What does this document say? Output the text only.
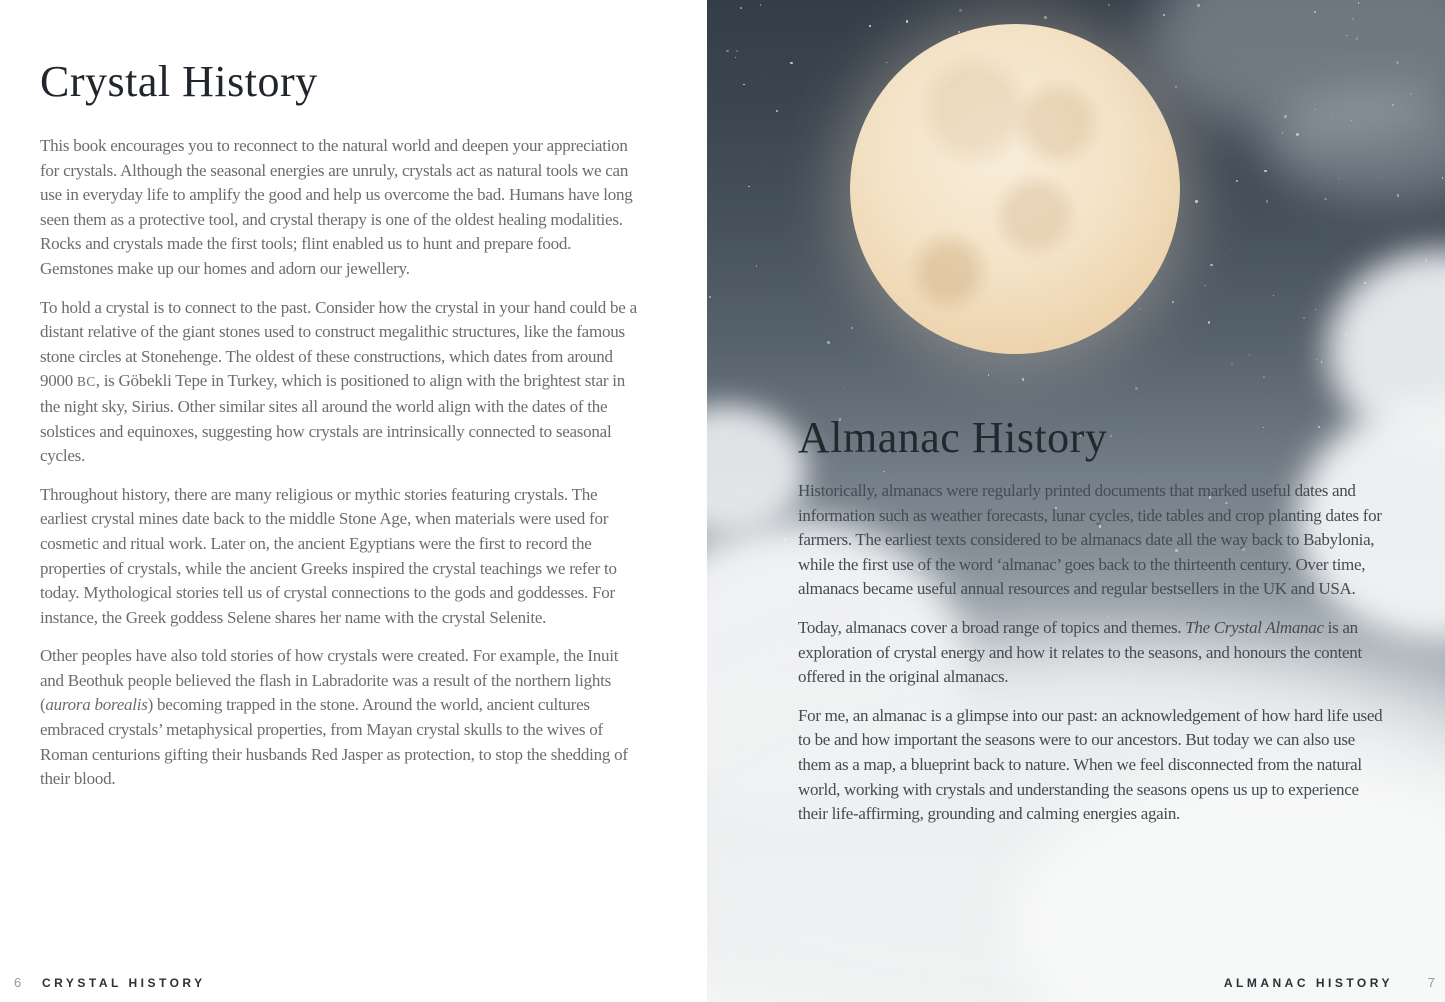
Crystal History

This book encourages you to reconnect to the natural world and deepen your appreciation for crystals. Although the seasonal energies are unruly, crystals act as natural tools we can use in everyday life to amplify the good and help us overcome the bad. Humans have long seen them as a protective tool, and crystal therapy is one of the oldest healing modalities. Rocks and crystals made the first tools; flint enabled us to hunt and prepare food. Gemstones make up our homes and adorn our jewellery.

To hold a crystal is to connect to the past. Consider how the crystal in your hand could be a distant relative of the giant stones used to construct megalithic structures, like the famous stone circles at Stonehenge. The oldest of these constructions, which dates from around 9000 BC, is Göbekli Tepe in Turkey, which is positioned to align with the brightest star in the night sky, Sirius. Other similar sites all around the world align with the dates of the solstices and equinoxes, suggesting how crystals are intrinsically connected to seasonal cycles.

Throughout history, there are many religious or mythic stories featuring crystals. The earliest crystal mines date back to the middle Stone Age, when materials were used for cosmetic and ritual work. Later on, the ancient Egyptians were the first to record the properties of crystals, while the ancient Greeks inspired the crystal teachings we refer to today. Mythological stories tell us of crystal connections to the gods and goddesses. For instance, the Greek goddess Selene shares her name with the crystal Selenite.

Other peoples have also told stories of how crystals were created. For example, the Inuit and Beothuk people believed the flash in Labradorite was a result of the northern lights (aurora borealis) becoming trapped in the stone. Around the world, ancient cultures embraced crystals’ metaphysical properties, from Mayan crystal skulls to the wives of Roman centurions gifting their husbands Red Jasper as protection, to stop the shedding of their blood.

6 CRYSTAL HISTORY
Almanac History

Historically, almanacs were regularly printed documents that marked useful dates and information such as weather forecasts, lunar cycles, tide tables and crop planting dates for farmers. The earliest texts considered to be almanacs date all the way back to Babylonia, while the first use of the word ‘almanac’ goes back to the thirteenth century. Over time, almanacs became useful annual resources and regular bestsellers in the UK and USA.

Today, almanacs cover a broad range of topics and themes. The Crystal Almanac is an exploration of crystal energy and how it relates to the seasons, and honours the content offered in the original almanacs.

For me, an almanac is a glimpse into our past: an acknowledgement of how hard life used to be and how important the seasons were to our ancestors. But today we can also use them as a map, a blueprint back to nature. When we feel disconnected from the natural world, working with crystals and understanding the seasons opens us up to experience their life-affirming, grounding and calming energies again.

ALMANAC HISTORY	7
